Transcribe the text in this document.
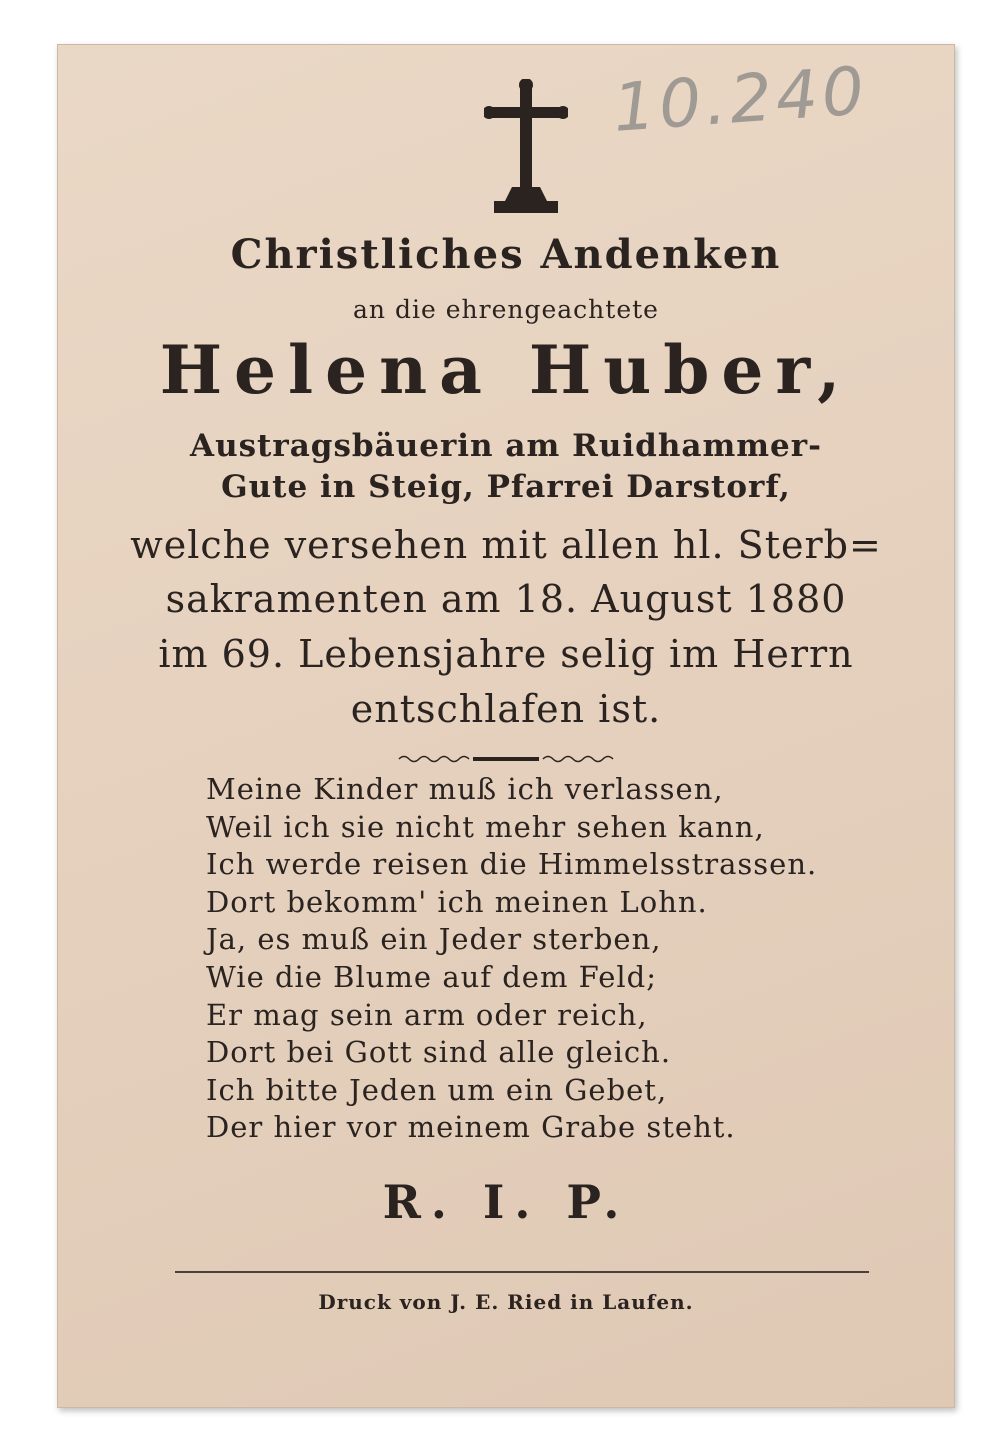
10.240
Christliches Andenken
an die ehrengeachtete
Helena Huber,
Austragsbäuerin am Ruidhammer-
Gute in Steig, Pfarrei Darstorf,
welche versehen mit allen hl. Sterb=
sakramenten am 18. August 1880
im 69. Lebensjahre selig im Herrn
entschlafen ist.
Meine Kinder muß ich verlassen,
Weil ich sie nicht mehr sehen kann,
Ich werde reisen die Himmelsstrassen.
Dort bekomm' ich meinen Lohn.
Ja, es muß ein Jeder sterben,
Wie die Blume auf dem Feld;
Er mag sein arm oder reich,
Dort bei Gott sind alle gleich.
Ich bitte Jeden um ein Gebet,
Der hier vor meinem Grabe steht.
R. I. P.
Druck von J. E. Ried in Laufen.
